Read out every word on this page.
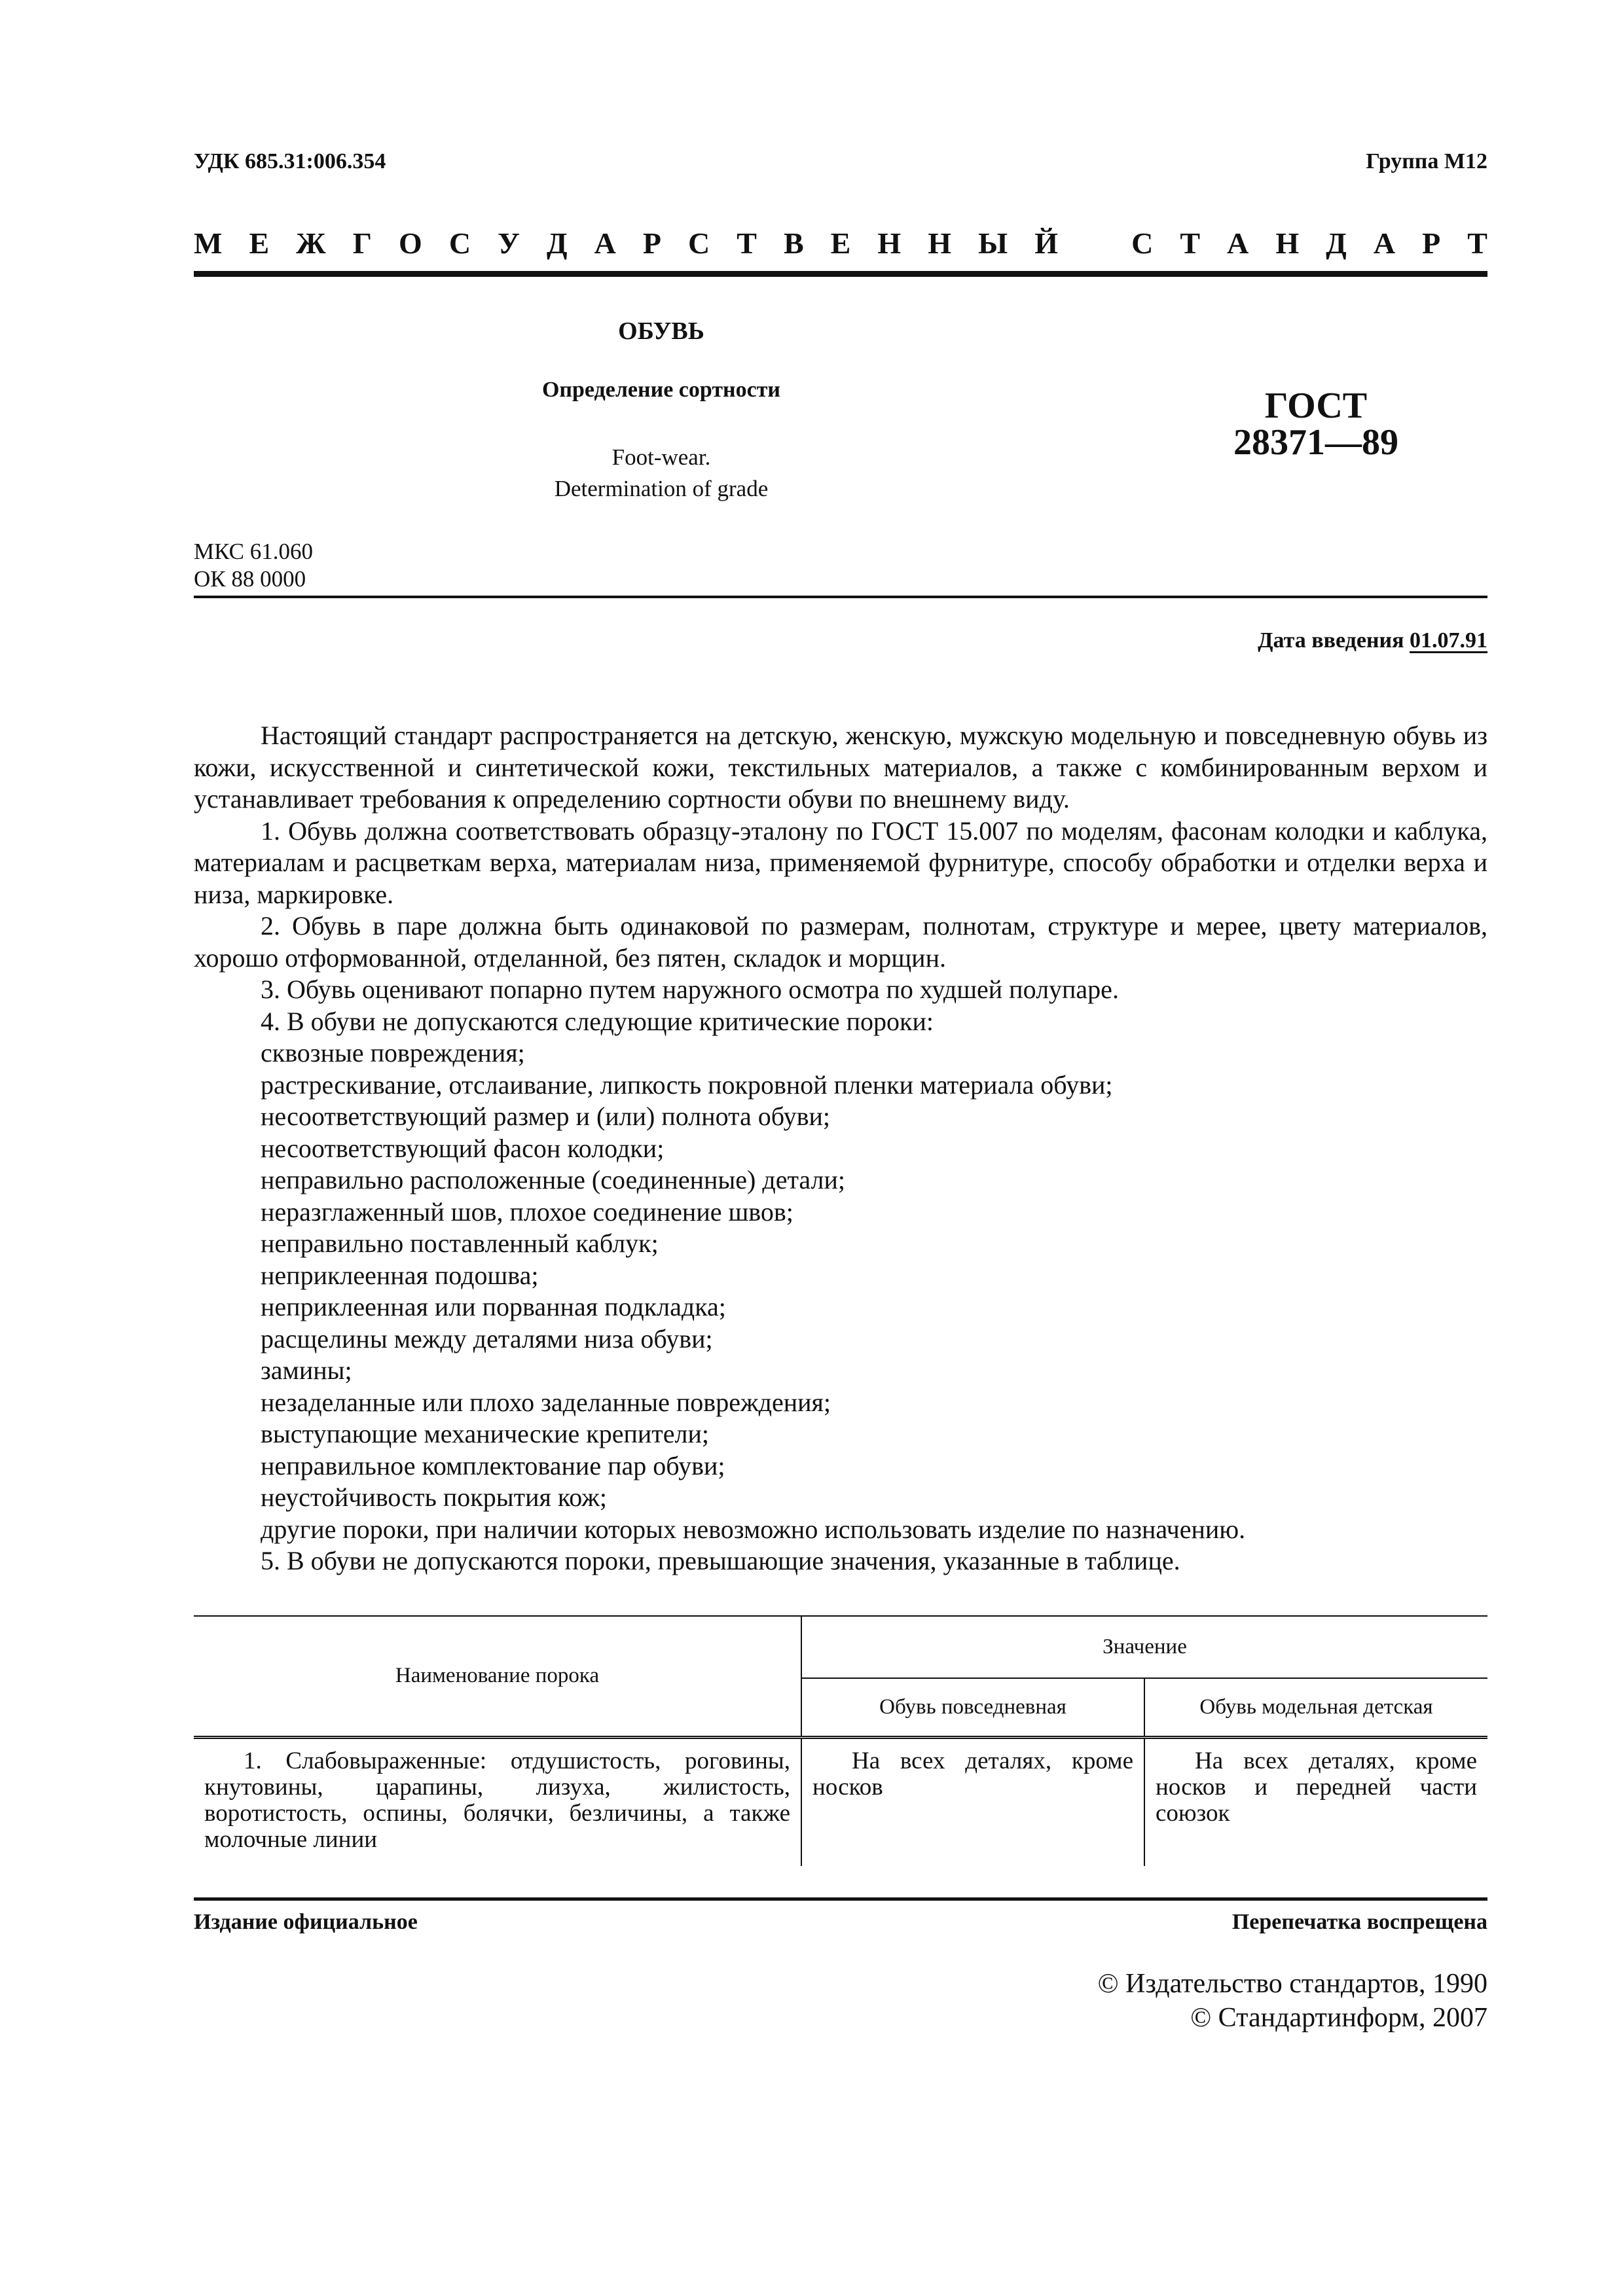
УДК 685.31:006.354	Группа М12
М Е Ж Г О С У Д А Р С Т В Е Н Н Ы Й С Т А Н Д А Р Т
ОБУВЬ
Определение сортности
Foot-wear.
Determination of grade
ГОСТ
28371—89
МКС 61.060
ОК 88 0000
Дата введения 01.07.91

Настоящий стандарт распространяется на детскую, женскую, мужскую модельную и повседневную обувь из кожи, искусственной и синтетической кожи, текстильных материалов, а также с комбинированным верхом и устанавливает требования к определению сортности обуви по внешнему виду.

1. Обувь должна соответствовать образцу-эталону по ГОСТ 15.007 по моделям, фасонам колодки и каблука, материалам и расцветкам верха, материалам низа, применяемой фурнитуре, способу обработки и отделки верха и низа, маркировке.

2. Обувь в паре должна быть одинаковой по размерам, полнотам, структуре и мерее, цвету материалов, хорошо отформованной, отделанной, без пятен, складок и морщин.

3. Обувь оценивают попарно путем наружного осмотра по худшей полупаре.

4. В обуви не допускаются следующие критические пороки:

сквозные повреждения;

растрескивание, отслаивание, липкость покровной пленки материала обуви;

несоответствующий размер и (или) полнота обуви;

несоответствующий фасон колодки;

неправильно расположенные (соединенные) детали;

неразглаженный шов, плохое соединение швов;

неправильно поставленный каблук;

неприклеенная подошва;

неприклеенная или порванная подкладка;

расщелины между деталями низа обуви;

замины;

незаделанные или плохо заделанные повреждения;

выступающие механические крепители;

неправильное комплектование пар обуви;

неустойчивость покрытия кож;

другие пороки, при наличии которых невозможно использовать изделие по назначению.

5. В обуви не допускаются пороки, превышающие значения, указанные в таблице.

Наименование порока	Значение	
	Обувь повседневная	Обувь модельная детская
1. Слабовыраженные: отдушистость, роговины, кнутовины, царапины, лизуха, жилистость, воротистость, оспины, болячки, безличины, а также молочные линии	На всех деталях, кроме носков	На всех деталях, кроме носков и передней части союзок
Издание официальное	Перепечатка воспрещена
© Издательство стандартов, 1990
© Стандартинформ, 2007
